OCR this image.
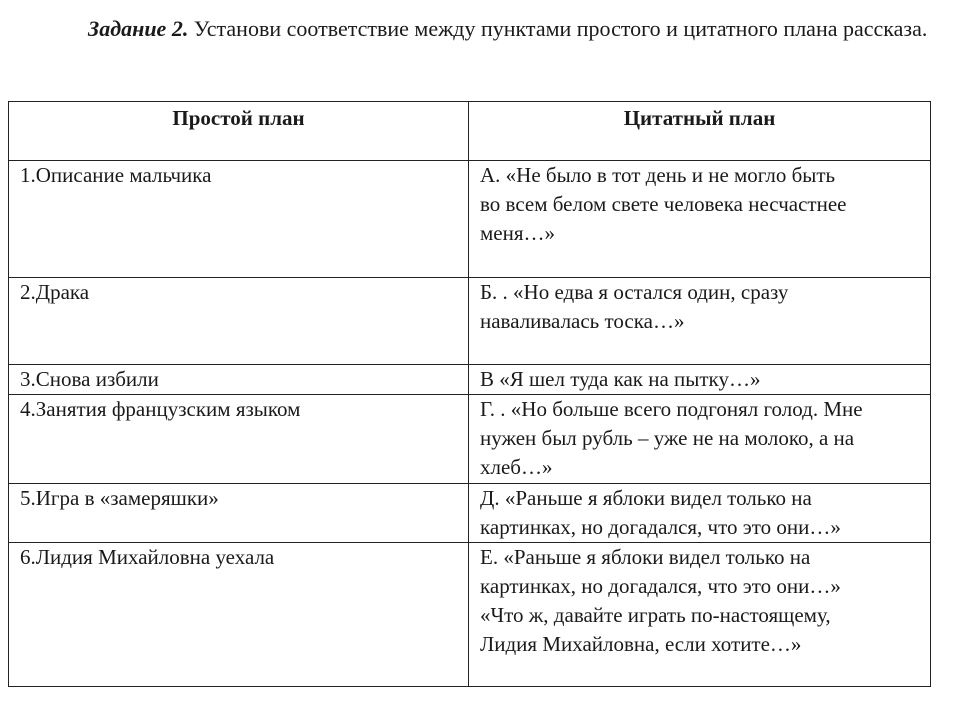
Задание 2. Установи соответствие между пунктами простого и цитатного плана рассказа.
Простой план	Цитатный план
1.Описание мальчика	А. «Не было в тот день и не могло быть
во всем белом свете человека несчастнее
меня…»

2.Драка	Б. . «Но едва я остался один, сразу
наваливалась тоска…»

3.Снова избили	В «Я шел туда как на пытку…»

4.Занятия французским языком	Г. . «Но больше всего подгонял голод. Мне
нужен был рубль – уже не на молоко, а на
хлеб…»

5.Игра в «замеряшки»	Д. «Раньше я яблоки видел только на
картинках, но догадался, что это они…»

6.Лидия Михайловна уехала	Е. «Раньше я яблоки видел только на
картинках, но догадался, что это они…»
«Что ж, давайте играть по-настоящему,
Лидия Михайловна, если хотите…»
